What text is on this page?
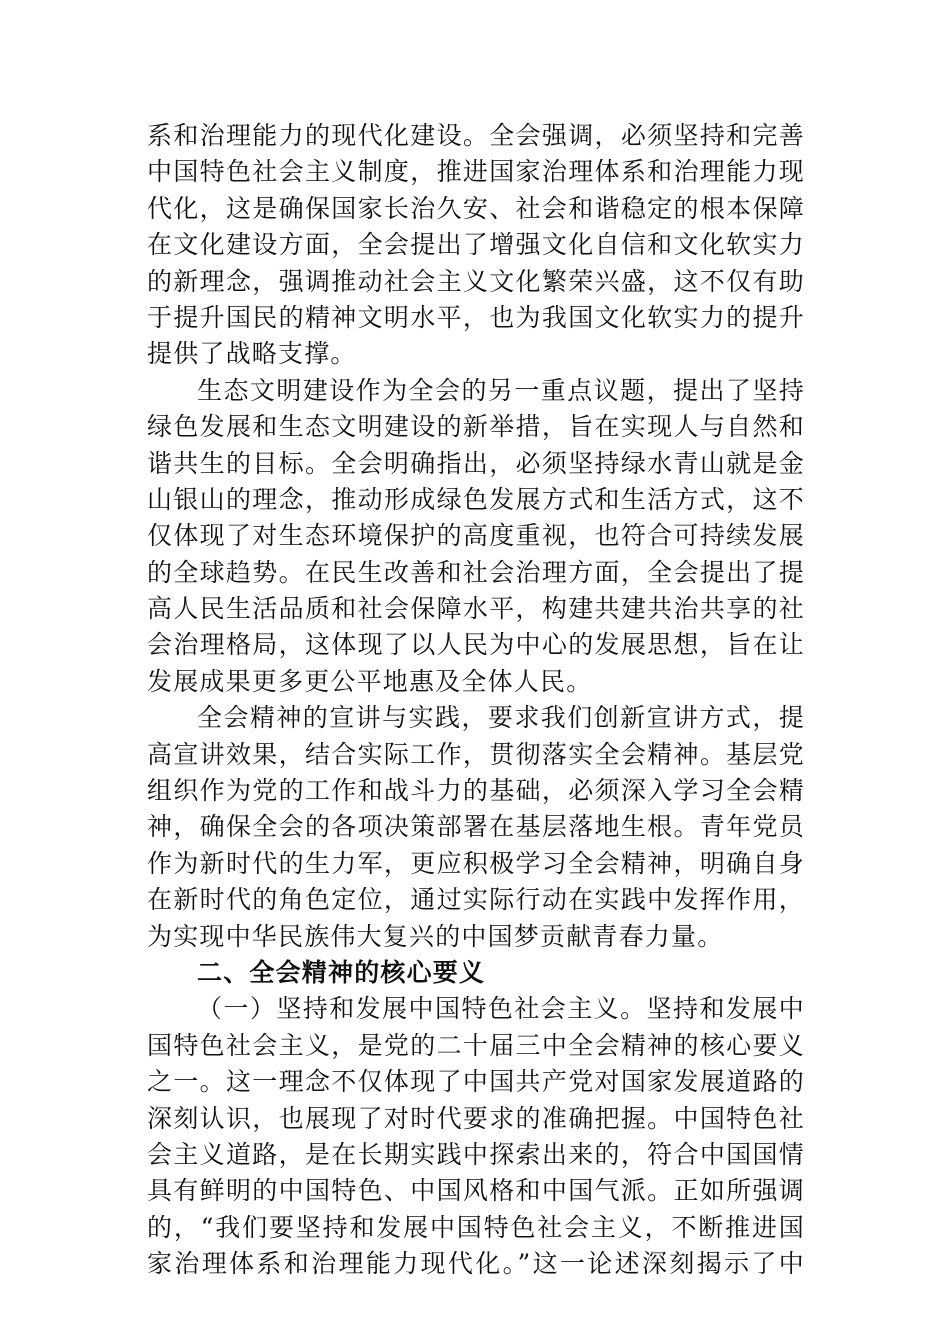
系和治理能力的现代化建设。全会强调，必须坚持和完善
中国特色社会主义制度，推进国家治理体系和治理能力现
代化，这是确保国家长治久安、社会和谐稳定的根本保障
在文化建设方面，全会提出了增强文化自信和文化软实力
的新理念，强调推动社会主义文化繁荣兴盛，这不仅有助
于提升国民的精神文明水平，也为我国文化软实力的提升
提供了战略支撑。
生态文明建设作为全会的另一重点议题，提出了坚持
绿色发展和生态文明建设的新举措，旨在实现人与自然和
谐共生的目标。全会明确指出，必须坚持绿水青山就是金
山银山的理念，推动形成绿色发展方式和生活方式，这不
仅体现了对生态环境保护的高度重视，也符合可持续发展
的全球趋势。在民生改善和社会治理方面，全会提出了提
高人民生活品质和社会保障水平，构建共建共治共享的社
会治理格局，这体现了以人民为中心的发展思想，旨在让
发展成果更多更公平地惠及全体人民。
全会精神的宣讲与实践，要求我们创新宣讲方式，提
高宣讲效果，结合实际工作，贯彻落实全会精神。基层党
组织作为党的工作和战斗力的基础，必须深入学习全会精
神，确保全会的各项决策部署在基层落地生根。青年党员
作为新时代的生力军，更应积极学习全会精神，明确自身
在新时代的角色定位，通过实际行动在实践中发挥作用，
为实现中华民族伟大复兴的中国梦贡献青春力量。
二、全会精神的核心要义
（一）坚持和发展中国特色社会主义。坚持和发展中
国特色社会主义，是党的二十届三中全会精神的核心要义
之一。这一理念不仅体现了中国共产党对国家发展道路的
深刻认识，也展现了对时代要求的准确把握。中国特色社
会主义道路，是在长期实践中探索出来的，符合中国国情
具有鲜明的中国特色、中国风格和中国气派。正如所强调
的，“我们要坚持和发展中国特色社会主义，不断推进国
家治理体系和治理能力现代化。”这一论述深刻揭示了中
